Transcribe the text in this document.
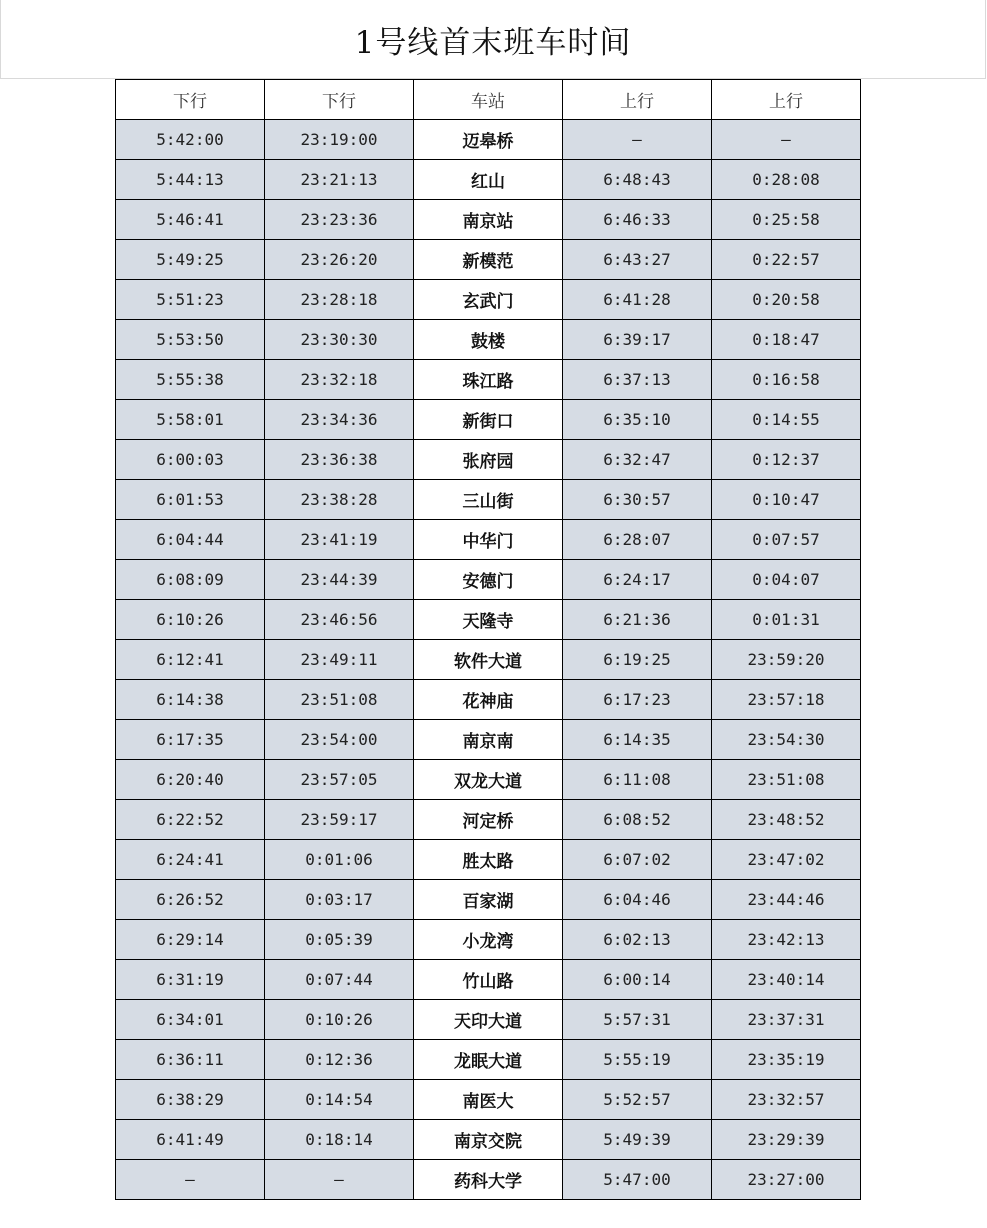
1号线首末班车时间
下行	下行	车站	上行	上行
5:42:00	23:19:00	迈皋桥	—	—
5:44:13	23:21:13	红山	6:48:43	0:28:08
5:46:41	23:23:36	南京站	6:46:33	0:25:58
5:49:25	23:26:20	新模范	6:43:27	0:22:57
5:51:23	23:28:18	玄武门	6:41:28	0:20:58
5:53:50	23:30:30	鼓楼	6:39:17	0:18:47
5:55:38	23:32:18	珠江路	6:37:13	0:16:58
5:58:01	23:34:36	新街口	6:35:10	0:14:55
6:00:03	23:36:38	张府园	6:32:47	0:12:37
6:01:53	23:38:28	三山街	6:30:57	0:10:47
6:04:44	23:41:19	中华门	6:28:07	0:07:57
6:08:09	23:44:39	安德门	6:24:17	0:04:07
6:10:26	23:46:56	天隆寺	6:21:36	0:01:31
6:12:41	23:49:11	软件大道	6:19:25	23:59:20
6:14:38	23:51:08	花神庙	6:17:23	23:57:18
6:17:35	23:54:00	南京南	6:14:35	23:54:30
6:20:40	23:57:05	双龙大道	6:11:08	23:51:08
6:22:52	23:59:17	河定桥	6:08:52	23:48:52
6:24:41	0:01:06	胜太路	6:07:02	23:47:02
6:26:52	0:03:17	百家湖	6:04:46	23:44:46
6:29:14	0:05:39	小龙湾	6:02:13	23:42:13
6:31:19	0:07:44	竹山路	6:00:14	23:40:14
6:34:01	0:10:26	天印大道	5:57:31	23:37:31
6:36:11	0:12:36	龙眠大道	5:55:19	23:35:19
6:38:29	0:14:54	南医大	5:52:57	23:32:57
6:41:49	0:18:14	南京交院	5:49:39	23:29:39
—	—	药科大学	5:47:00	23:27:00
